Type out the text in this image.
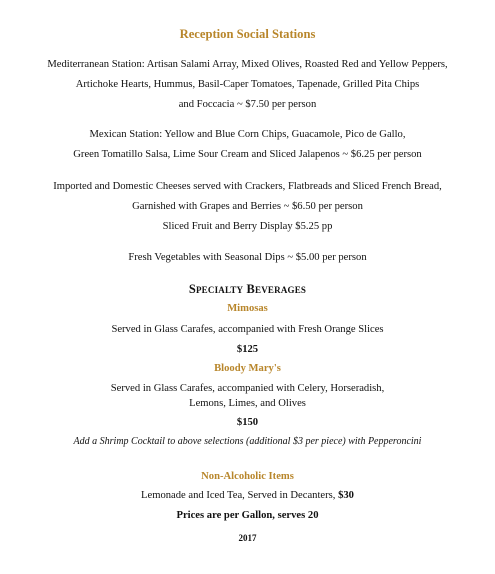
Reception Social Stations
Mediterranean Station: Artisan Salami Array, Mixed Olives, Roasted Red and Yellow Peppers,
Artichoke Hearts, Hummus, Basil-Caper Tomatoes, Tapenade, Grilled Pita Chips
and Foccacia ~ $7.50 per person
Mexican Station: Yellow and Blue Corn Chips, Guacamole, Pico de Gallo,
Green Tomatillo Salsa, Lime Sour Cream and Sliced Jalapenos ~ $6.25 per person
Imported and Domestic Cheeses served with Crackers, Flatbreads and Sliced French Bread,
Garnished with Grapes and Berries ~ $6.50 per person
Sliced Fruit and Berry Display $5.25 pp
Fresh Vegetables with Seasonal Dips ~ $5.00 per person
Specialty Beverages
Mimosas
Served in Glass Carafes, accompanied with Fresh Orange Slices
$125
Bloody Mary's
Served in Glass Carafes, accompanied with Celery, Horseradish,
Lemons, Limes, and Olives
$150
Add a Shrimp Cocktail to above selections (additional $3 per piece) with Pepperoncini
Non-Alcoholic Items
Lemonade and Iced Tea, Served in Decanters, $30
Prices are per Gallon, serves 20
2017
